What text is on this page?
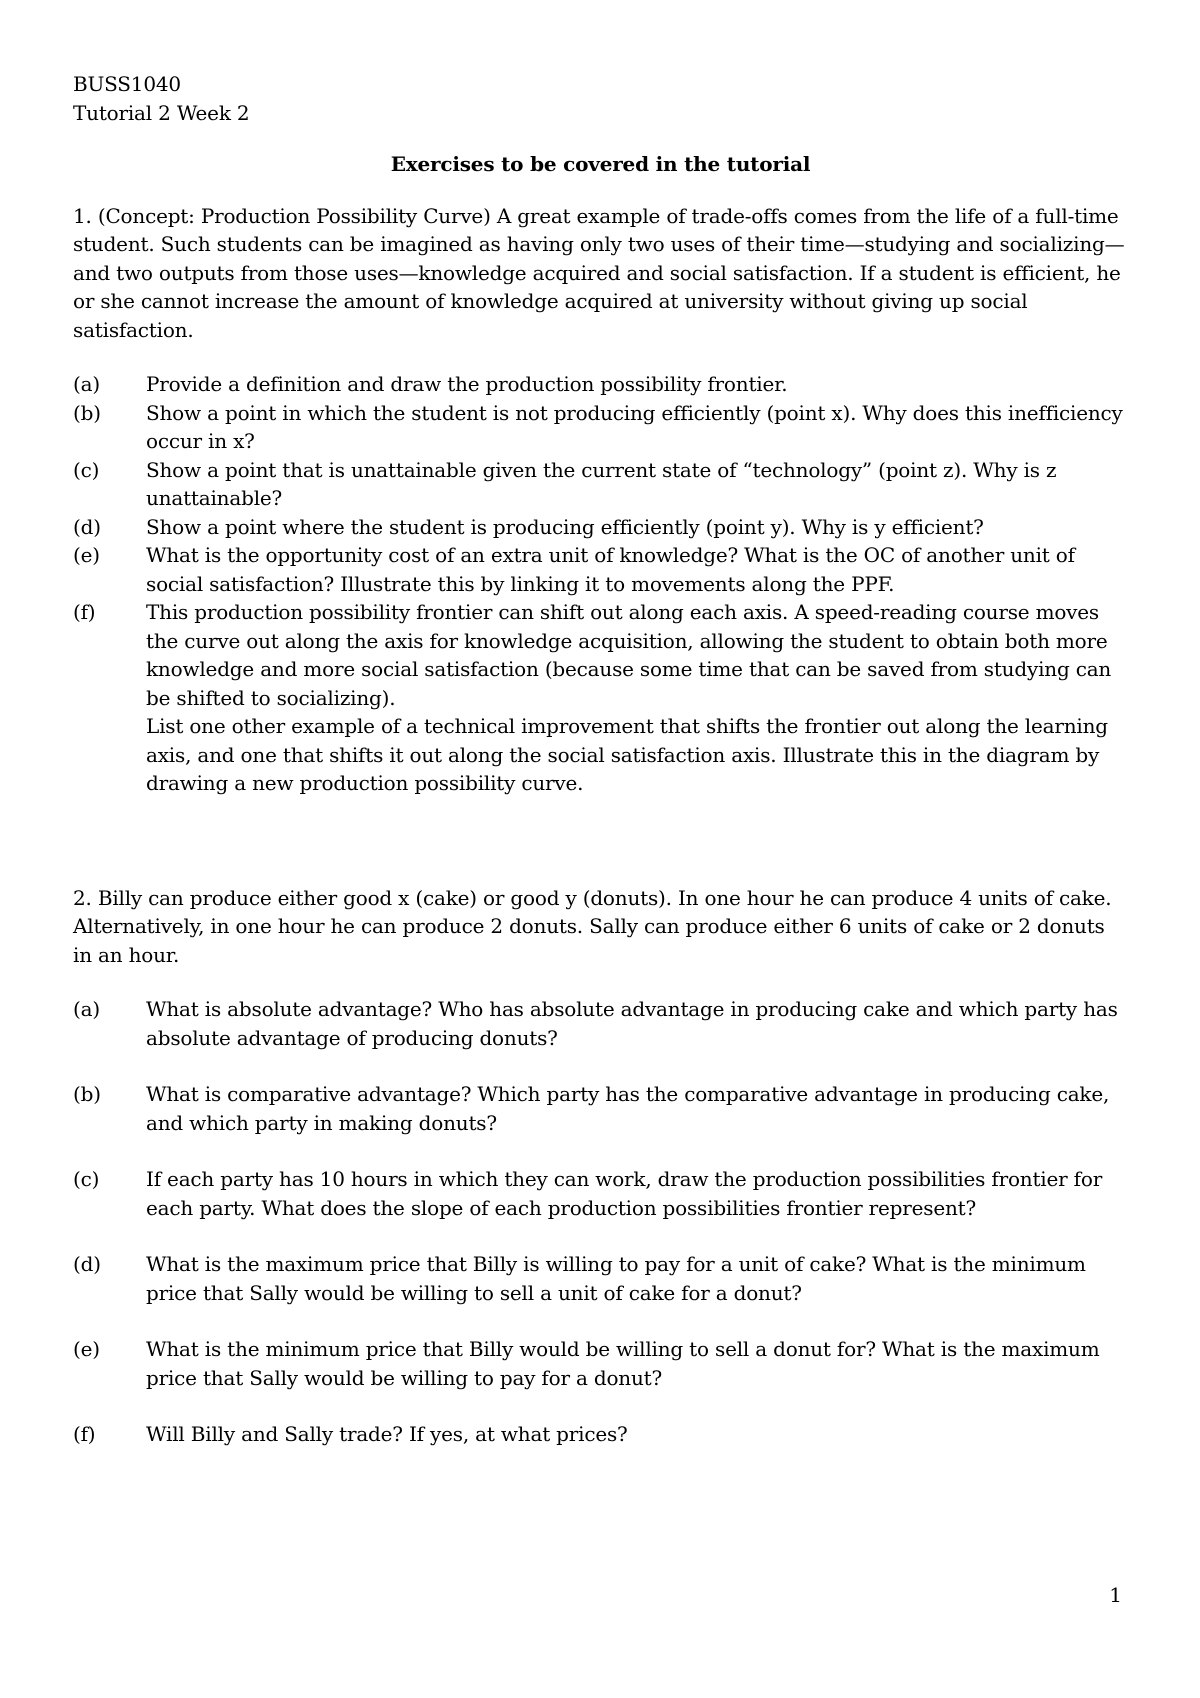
BUSS1040

Tutorial 2 Week 2

Exercises to be covered in the tutorial

1. (Concept: Production Possibility Curve) A great example of trade-offs comes from the life of a full-time student. Such students can be imagined as having only two uses of their time—studying and socializing—and two outputs from those uses—knowledge acquired and social satisfaction. If a student is efficient, he or she cannot increase the amount of knowledge acquired at university without giving up social satisfaction.

(a)	Provide a definition and draw the production possibility frontier.
(b)	Show a point in which the student is not producing efficiently (point x). Why does this inefficiency occur in x?
(c)	Show a point that is unattainable given the current state of “technology” (point z). Why is z unattainable?
(d)	Show a point where the student is producing efficiently (point y). Why is y efficient?
(e)	What is the opportunity cost of an extra unit of knowledge? What is the OC of another unit of social satisfaction? Illustrate this by linking it to movements along the PPF.
(f)	This production possibility frontier can shift out along each axis. A speed-reading course moves the curve out along the axis for knowledge acquisition, allowing the student to obtain both more knowledge and more social satisfaction (because some time that can be saved from studying can be shifted to socializing).
List one other example of a technical improvement that shifts the frontier out along the learning axis, and one that shifts it out along the social satisfaction axis. Illustrate this in the diagram by drawing a new production possibility curve.

2. Billy can produce either good x (cake) or good y (donuts). In one hour he can produce 4 units of cake. Alternatively, in one hour he can produce 2 donuts. Sally can produce either 6 units of cake or 2 donuts in an hour.

(a)	What is absolute advantage? Who has absolute advantage in producing cake and which party has absolute advantage of producing donuts?
(b)	What is comparative advantage? Which party has the comparative advantage in producing cake, and which party in making donuts?
(c)	If each party has 10 hours in which they can work, draw the production possibilities frontier for each party. What does the slope of each production possibilities frontier represent?
(d)	What is the maximum price that Billy is willing to pay for a unit of cake? What is the minimum price that Sally would be willing to sell a unit of cake for a donut?
(e)	What is the minimum price that Billy would be willing to sell a donut for? What is the maximum price that Sally would be willing to pay for a donut?
(f)	Will Billy and Sally trade? If yes, at what prices?
1
